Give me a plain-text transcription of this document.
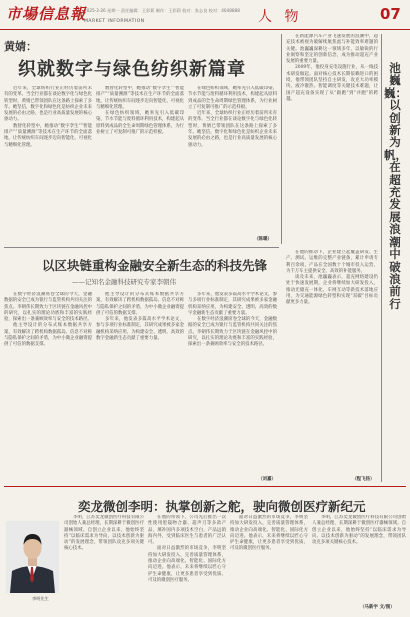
市場信息報
2025-3-26 星期一 责任编辑：王彩莉 制作：王彩莉 校对：张志良 校对：4048888
MARKET INFORMATION	人 物	07
黄婧：
织就数字与绿色纺织新篇章

近年来，全球纺织行业正经历着前所未有的变革。当全行业都在谈论数字化与绿色化转型时，黄婧已带领团队在这条路上探索了多年。她坚信，数字化和绿色化是纺织企业未来发展的必由之路，也是行业高质量发展的核心驱动力。

数智化转型中，她推动“数字孪生”“智能排产”“质量溯源”等技术在生产环节的全面落地，让传统纺织车间逐步迈向智能化、可视化与精细化管理。

数智化转型中，她推动“数字孪生”“智能排产”“质量溯源”等技术在生产环节的全面落地，让传统纺织车间逐步迈向智能化、可视化与精细化管理。

在绿色纺织领域，她率先引入低碳印染、节水节能与废料循环利用技术，构建起从原料到成品的全生命周期绿色管理体系，为行业树立了可复制可推广的示范样板。

在绿色纺织领域，她率先引入低碳印染、节水节能与废料循环利用技术，构建起从原料到成品的全生命周期绿色管理体系，为行业树立了可复制可推广的示范样板。

近年来，全球纺织行业正经历着前所未有的变革。当全行业都在谈论数字化与绿色化转型时，黄婧已带领团队在这条路上探索了多年。她坚信，数字化和绿色化是纺织企业未来发展的必由之路，也是行业高质量发展的核心驱动力。

（陈璐）
以区块链重构金融安全新生态的科技先锋
——记知名金融科技研究专家李朝伟

在数字经济浪潮席卷全球的今天，金融数据的安全已成为银行与监管机构共同关注的焦点。李朝伟长期致力于区块链在金融风控中的研究，以扎实的理论功底和丰富的实践经验，探索出一条兼顾效率与安全的技术路径。

他主导设计的分布式账本数据共享方案，有效解决了跨机构数据孤岛、信息不对称与隐私保护之间的矛盾，为中小微企业融资提供了可信的数据支撑。

他主导设计的分布式账本数据共享方案，有效解决了跨机构数据孤岛、信息不对称与隐私保护之间的矛盾，为中小微企业融资提供了可信的数据支撑。

多年来，他发表多篇高水平学术论文，参与多项行业标准制定，其研究成果被多家金融机构采纳应用，为构建安全、透明、高效的数字金融新生态贡献了重要力量。

多年来，他发表多篇高水平学术论文，参与多项行业标准制定，其研究成果被多家金融机构采纳应用，为构建安全、透明、高效的数字金融新生态贡献了重要力量。

在数字经济浪潮席卷全球的今天，金融数据的安全已成为银行与监管机构共同关注的焦点。李朝伟长期致力于区块链在金融风控中的研究，以扎实的理论功底和丰富的实践经验，探索出一条兼顾效率与安全的技术路径。

（刘嘉）

在新能源汽车产业飞速发展的浪潮中，超充技术被视为破解续航焦虑与补能效率难题的关键。池巍巍深耕这一领域多年，以敏锐的行业洞察和坚定的创新信念，成为推动超充产业发展的重要力量。

2009年，他投身充电设施行业，从一线技术研发做起。面对核心技术长期依赖进口的困境，他带领团队坚持自主研发，攻克大功率模块、液冷散热、智能调度等关键技术难题，让国产超充设备实现了从“跟跑”到“并跑”的跨越。

在他的推动下，企业建立起覆盖研发、生产、测试、运维的完整产业链条，累计申请专利百余项，产品在全国数十个城市投入运营，为千万车主提供安全、高效的补能服务。

谈及未来，池巍巍表示，超充网络建设仍处于快速发展期，企业将继续加大研发投入，推动光储充一体化、车网互动等新技术落地应用，为交通能源绿色转型和实现“双碳”目标贡献更多力量。

（程飞扬）
池巍巍：以创新为帆，在超充发展浪潮中破浪前行
奕龙微创李明：执掌创新之舵，驶向微创医疗新纪元
李明先生

李明，江苏奕龙微创医疗科技有限公司创始人兼总经理，长期深耕于微创医疗器械领域。自创立企业以来，他始终坚持“以临床需求为导向、以技术创新为驱动”的发展理念，带领团队攻克多项关键核心技术。

在他的带领下，公司先后推出一次性使用腔镜吻合器、超声刀等多款产品，填补国内多项技术空白，产品远销海内外，受到临床医生与患者的广泛认可。

面对日益激烈的市场竞争，李明坚持加大研发投入，完善质量管理体系，推动企业向高端化、智能化、国际化方向迈进。他表示，未来将继续以匠心守护生命健康，让更多患者享受到优质、可及的微创医疗服务。

面对日益激烈的市场竞争，李明坚持加大研发投入，完善质量管理体系，推动企业向高端化、智能化、国际化方向迈进。他表示，未来将继续以匠心守护生命健康，让更多患者享受到优质、可及的微创医疗服务。

李明，江苏奕龙微创医疗科技有限公司创始人兼总经理，长期深耕于微创医疗器械领域。自创立企业以来，他始终坚持“以临床需求为导向、以技术创新为驱动”的发展理念，带领团队攻克多项关键核心技术。

（马新宇 文/图）
